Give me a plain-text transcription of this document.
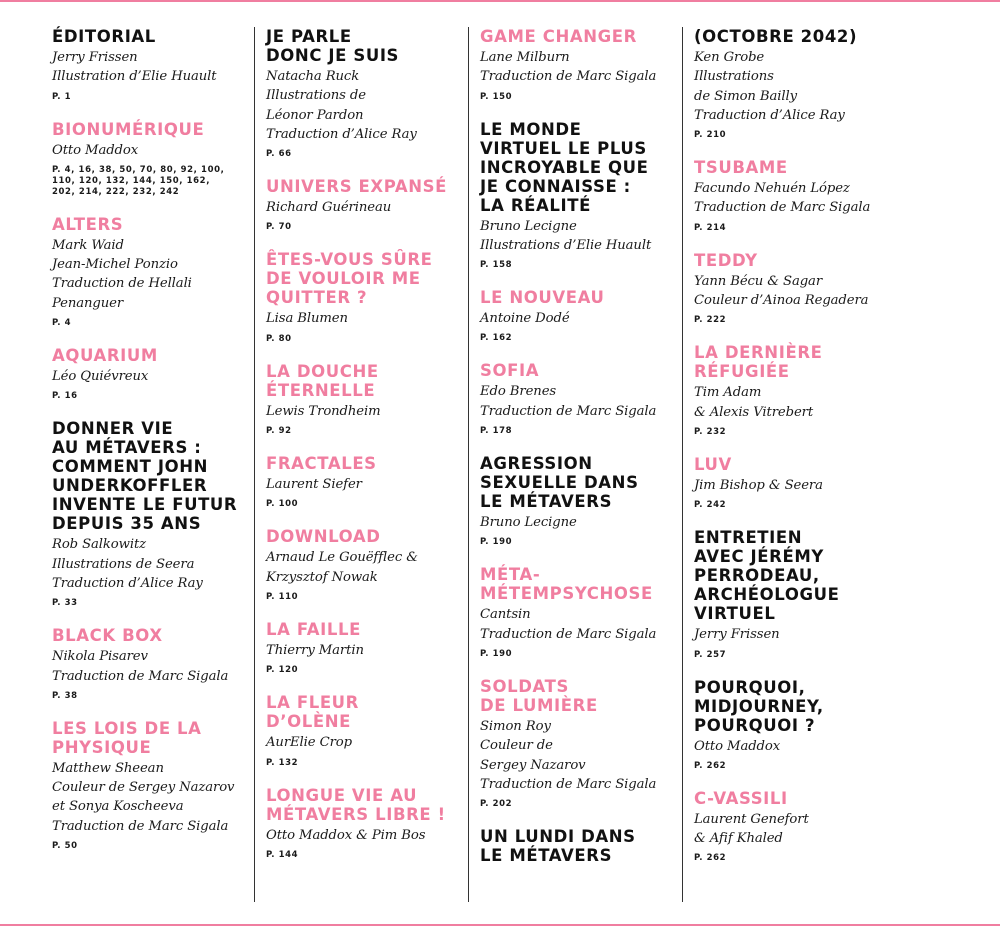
ÉDITORIAL
Jerry Frissen
Illustration d’Elie Huault
P. 1
BIONUMÉRIQUE
Otto Maddox
P. 4, 16, 38, 50, 70, 80, 92, 100,
110, 120, 132, 144, 150, 162,
202, 214, 222, 232, 242
ALTERS
Mark Waid
Jean-Michel Ponzio
Traduction de Hellali
Penanguer
P. 4
AQUARIUM
Léo Quiévreux
P. 16
DONNER VIE
AU MÉTAVERS :
COMMENT JOHN
UNDERKOFFLER
INVENTE LE FUTUR
DEPUIS 35 ANS
Rob Salkowitz
Illustrations de Seera
Traduction d’Alice Ray
P. 33
BLACK BOX
Nikola Pisarev
Traduction de Marc Sigala
P. 38
LES LOIS DE LA
PHYSIQUE
Matthew Sheean
Couleur de Sergey Nazarov
et Sonya Koscheeva
Traduction de Marc Sigala
P. 50
JE PARLE
DONC JE SUIS
Natacha Ruck
Illustrations de
Léonor Pardon
Traduction d’Alice Ray
P. 66
UNIVERS EXPANSÉ
Richard Guérineau
P. 70
ÊTES-VOUS SÛRE
DE VOULOIR ME
QUITTER ?
Lisa Blumen
P. 80
LA DOUCHE
ÉTERNELLE
Lewis Trondheim
P. 92
FRACTALES
Laurent Siefer
P. 100
DOWNLOAD
Arnaud Le Gouëfflec &
Krzysztof Nowak
P. 110
LA FAILLE
Thierry Martin
P. 120
LA FLEUR
D’OLÈNE
AurElie Crop
P. 132
LONGUE VIE AU
MÉTAVERS LIBRE !
Otto Maddox & Pim Bos
P. 144
GAME CHANGER
Lane Milburn
Traduction de Marc Sigala
P. 150
LE MONDE
VIRTUEL LE PLUS
INCROYABLE QUE
JE CONNAISSE :
LA RÉALITÉ
Bruno Lecigne
Illustrations d’Elie Huault
P. 158
LE NOUVEAU
Antoine Dodé
P. 162
SOFIA
Edo Brenes
Traduction de Marc Sigala
P. 178
AGRESSION
SEXUELLE DANS
LE MÉTAVERS
Bruno Lecigne
P. 190
MÉTA-
MÉTEMPSYCHOSE
Cantsin
Traduction de Marc Sigala
P. 190
SOLDATS
DE LUMIÈRE
Simon Roy
Couleur de
Sergey Nazarov
Traduction de Marc Sigala
P. 202
UN LUNDI DANS
LE MÉTAVERS
(OCTOBRE 2042)
Ken Grobe
Illustrations
de Simon Bailly
Traduction d’Alice Ray
P. 210
TSUBAME
Facundo Nehuén López
Traduction de Marc Sigala
P. 214
TEDDY
Yann Bécu & Sagar
Couleur d’Ainoa Regadera
P. 222
LA DERNIÈRE
RÉFUGIÉE
Tim Adam
& Alexis Vitrebert
P. 232
LUV
Jim Bishop & Seera
P. 242
ENTRETIEN
AVEC JÉRÉMY
PERRODEAU,
ARCHÉOLOGUE
VIRTUEL
Jerry Frissen
P. 257
POURQUOI,
MIDJOURNEY,
POURQUOI ?
Otto Maddox
P. 262
C-VASSILI
Laurent Genefort
& Afif Khaled
P. 262
